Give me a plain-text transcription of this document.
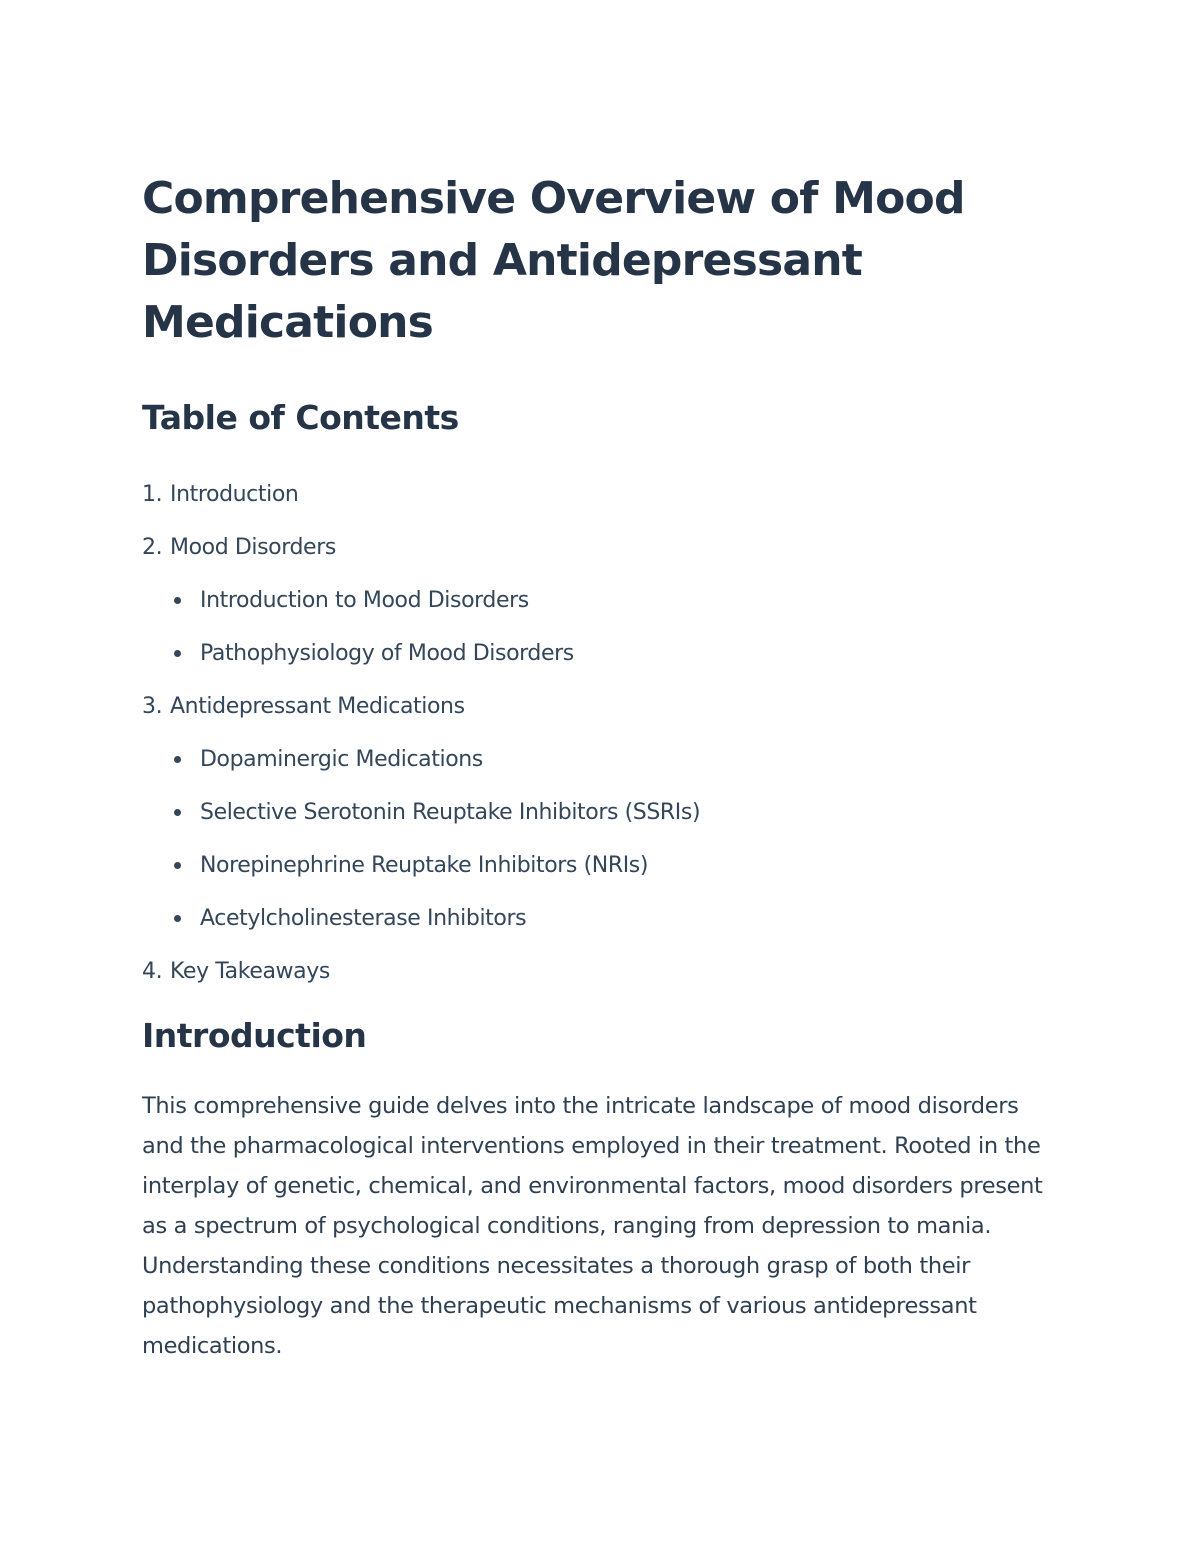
Comprehensive Overview of Mood Disorders and Antidepressant Medications
Table of Contents
1. Introduction
2. Mood Disorders
Introduction to Mood Disorders
Pathophysiology of Mood Disorders
3. Antidepressant Medications
Dopaminergic Medications
Selective Serotonin Reuptake Inhibitors (SSRIs)
Norepinephrine Reuptake Inhibitors (NRIs)
Acetylcholinesterase Inhibitors
4. Key Takeaways
Introduction

This comprehensive guide delves into the intricate landscape of mood disorders and the pharmacological interventions employed in their treatment. Rooted in the interplay of genetic, chemical, and environmental factors, mood disorders present as a spectrum of psychological conditions, ranging from depression to mania. Understanding these conditions necessitates a thorough grasp of both their pathophysiology and the therapeutic mechanisms of various antidepressant medications.
